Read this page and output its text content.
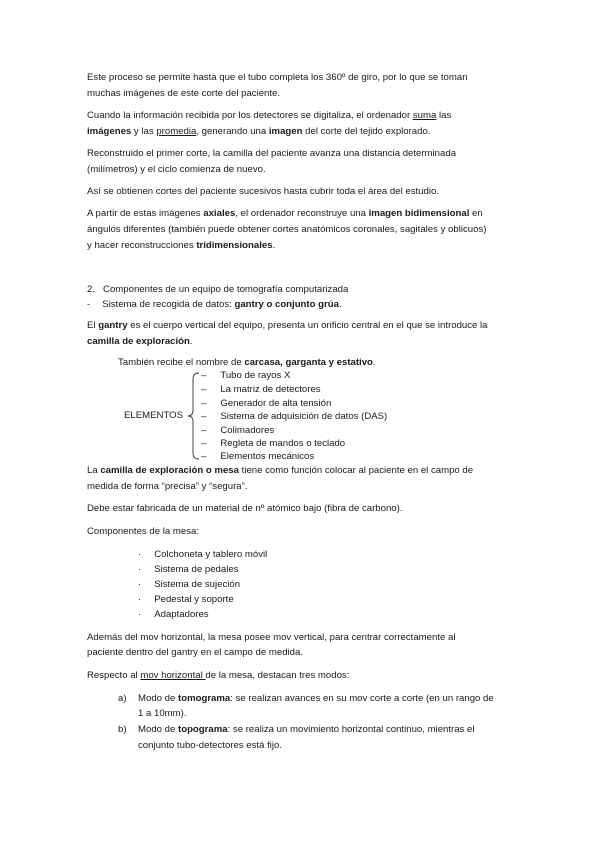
Este proceso se permite hasta que el tubo completa los 360º de giro, por lo que se toman
muchas imágenes de este corte del paciente.
Cuando la información recibida por los detectores se digitaliza, el ordenador suma las
imágenes y las promedia, generando una imagen del corte del tejido explorado.
Reconstruido el primer corte, la camilla del paciente avanza una distancia determinada
(milímetros) y el ciclo comienza de nuevo.
Así se obtienen cortes del paciente sucesivos hasta cubrir toda el área del estudio.
A partir de estas imágenes axiales, el ordenador reconstruye una imagen bidimensional en
ángulos diferentes (también puede obtener cortes anatómicos coronales, sagitales y oblicuos)
y hacer reconstrucciones tridimensionales.
2. Componentes de un equipo de tomografía computarizada
- Sistema de recogida de datos: gantry o conjunto grúa.
El gantry es el cuerpo vertical del equipo, presenta un orificio central en el que se introduce la
camilla de exploración.
También recibe el nombre de carcasa, garganta y estativo.
ELEMENTOS
– Tubo de rayos X
– La matriz de detectores
– Generador de alta tensión
– Sistema de adquisición de datos (DAS)
– Colimadores
– Regleta de mandos o teclado
– Elementos mecánicos
La camilla de exploración o mesa tiene como función colocar al paciente en el campo de
medida de forma “precisa” y “segura”.
Debe estar fabricada de un material de nº atómico bajo (fibra de carbono).
Componentes de la mesa:
· Colchoneta y tablero móvil
· Sistema de pedales
· Sistema de sujeción
· Pedestal y soporte
· Adaptadores
Además del mov horizontal, la mesa posee mov vertical, para centrar correctamente al
paciente dentro del gantry en el campo de medida.
Respecto al mov horizontal de la mesa, destacan tres modos:
a) Modo de tomograma: se realizan avances en su mov corte a corte (en un rango de
1 a 10mm).
b) Modo de topograma: se realiza un movimiento horizontal continuo, mientras el
conjunto tubo-detectores está fijo.
